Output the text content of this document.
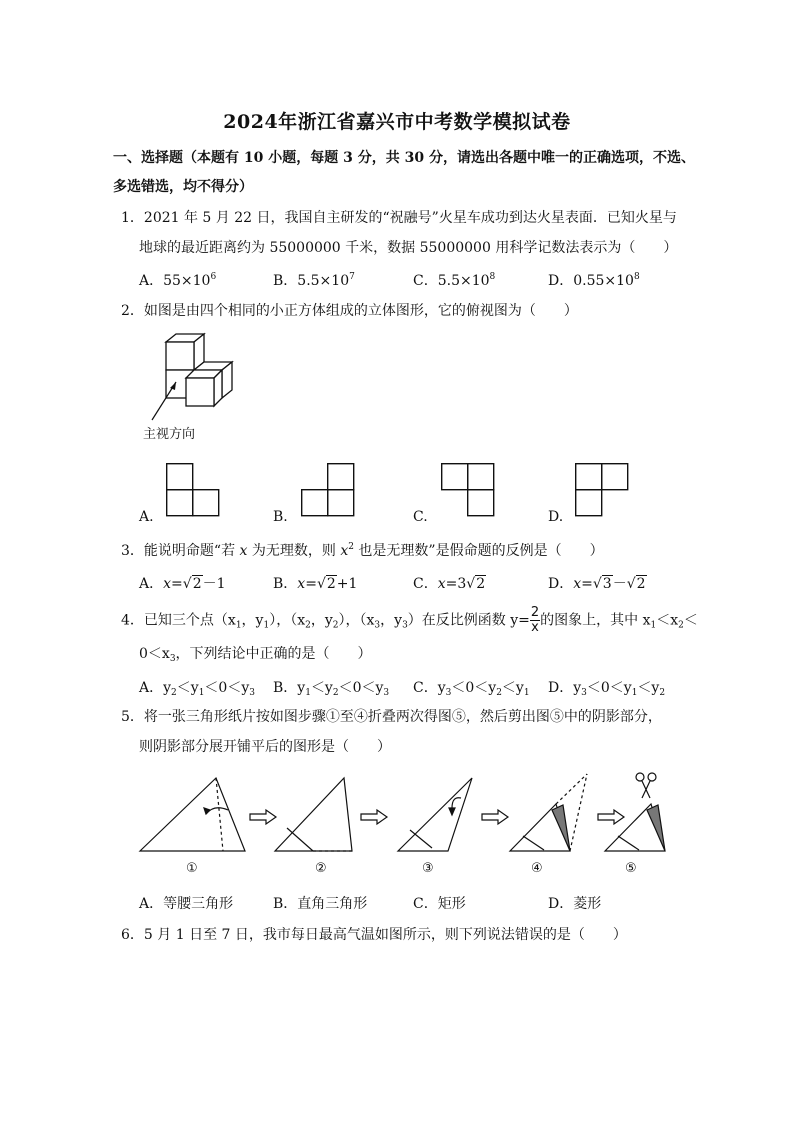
2024年浙江省嘉兴市中考数学模拟试卷
一、选择题（本题有 10 小题，每题 3 分，共 30 分，请选出各题中唯一的正确选项，不选、
多选错选，均不得分）
1．2021 年 5 月 22 日，我国自主研发的“祝融号”火星车成功到达火星表面．已知火星与
地球的最近距离约为 55000000 千米，数据 55000000 用科学记数法表示为（　　）
A．$55\times 10^6$	B．$5.5\times 10^7$	C．$5.5\times 10^8$	D．$0.55\times 10^8$
2．如图是由四个相同的小正方体组成的立体图形，它的俯视图为（　　）
主视方向
A.	B.	C.	D.
3．能说明命题“若 x 为无理数，则 $x^2$ 也是无理数”是假命题的反例是（　　）
A．x=√2－1	B．x=√2+1	C．x=3√2	D．x=√3－√2
4．已知三个点（$x_1$，$y_1$），（$x_2$，$y_2$），（$x_3$，$y_3$）在反比例函数 $y= \frac{2}{x}$ 的图象上，其中 $x_1<x_2<$
$0<x_3$，下列结论中正确的是（　　）
A．$y_2<y_1<0<y_3$ B．$y_1<y_2<0<y_3$ C．$y_3<0<y_2<y_1$ D．$y_3<0<y_1<y_2$
5．将一张三角形纸片按如图步骤①至④折叠两次得图⑤，然后剪出图⑤中的阴影部分，
则阴影部分展开铺平后的图形是（　　）
①	②	③	④	⑤
A．等腰三角形	B．直角三角形	C．矩形	D．菱形
6．5 月 1 日至 7 日，我市每日最高气温如图所示，则下列说法错误的是（　　）
